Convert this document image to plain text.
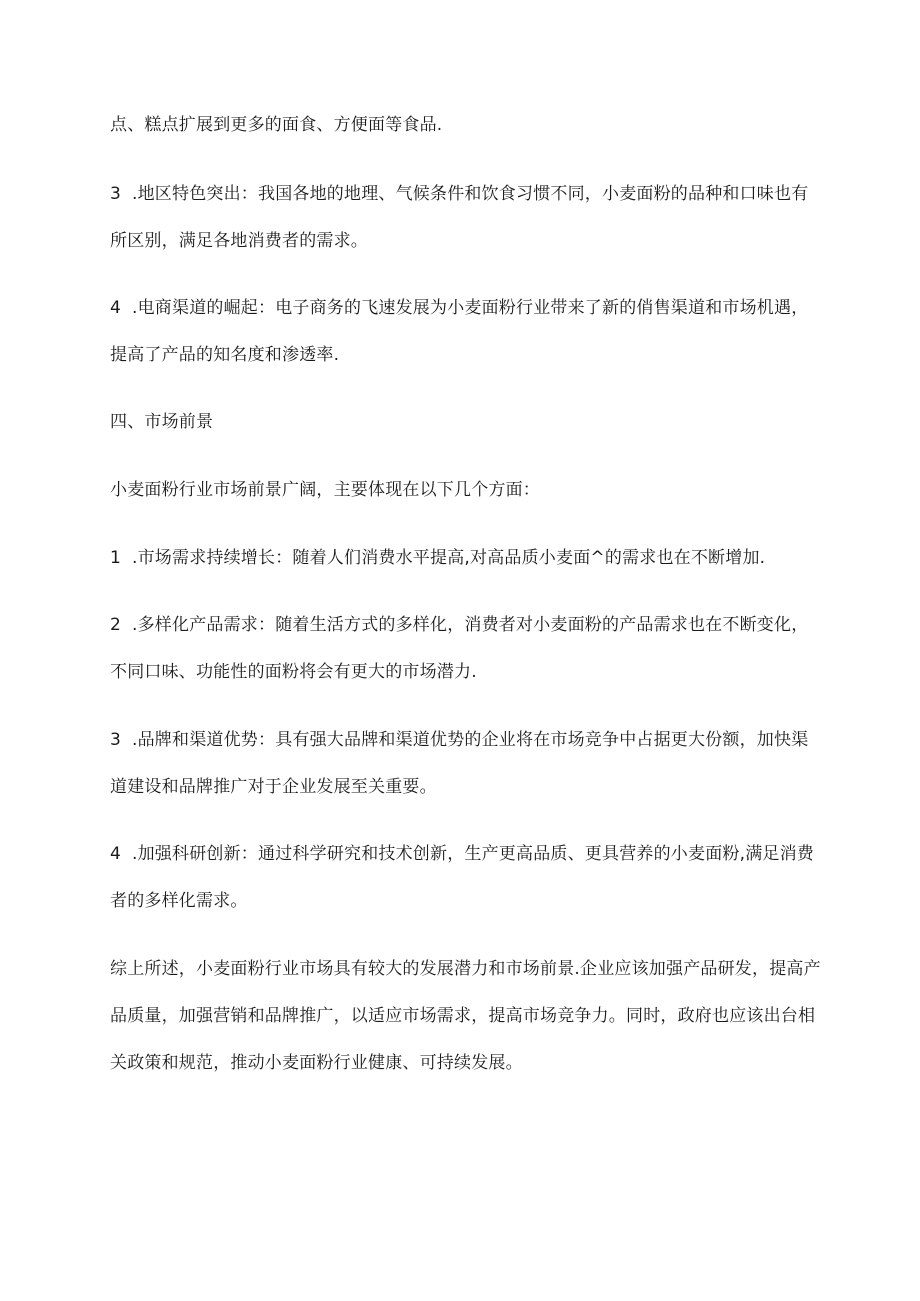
点、糕点扩展到更多的面食、方便面等食品.
3 .地区特色突出：我国各地的地理、气候条件和饮食习惯不同，小麦面粉的品种和口味也有
所区别，满足各地消费者的需求。
4 .电商渠道的崛起：电子商务的飞速发展为小麦面粉行业带来了新的俏售渠道和市场机遇，
提高了产品的知名度和渗透率.
四、市场前景
小麦面粉行业市场前景广阔，主要体现在以下几个方面：
1 .市场需求持续增长：随着人们消费水平提高,对高品质小麦面^的需求也在不断增加.
2 .多样化产品需求：随着生活方式的多样化，消费者对小麦面粉的产品需求也在不断变化，
不同口味、功能性的面粉将会有更大的市场潜力.
3 .品牌和渠道优势：具有强大品牌和渠道优势的企业将在市场竞争中占据更大份额，加快渠
道建设和品牌推广对于企业发展至关重要。
4 .加强科研创新：通过科学研究和技术创新，生产更高品质、更具营养的小麦面粉,满足消费
者的多样化需求。
综上所述，小麦面粉行业市场具有较大的发展潜力和市场前景.企业应该加强产品研发，提高产
品质量，加强营销和品牌推广，以适应市场需求，提高市场竞争力。同时，政府也应该出台相
关政策和规范，推动小麦面粉行业健康、可持续发展。
